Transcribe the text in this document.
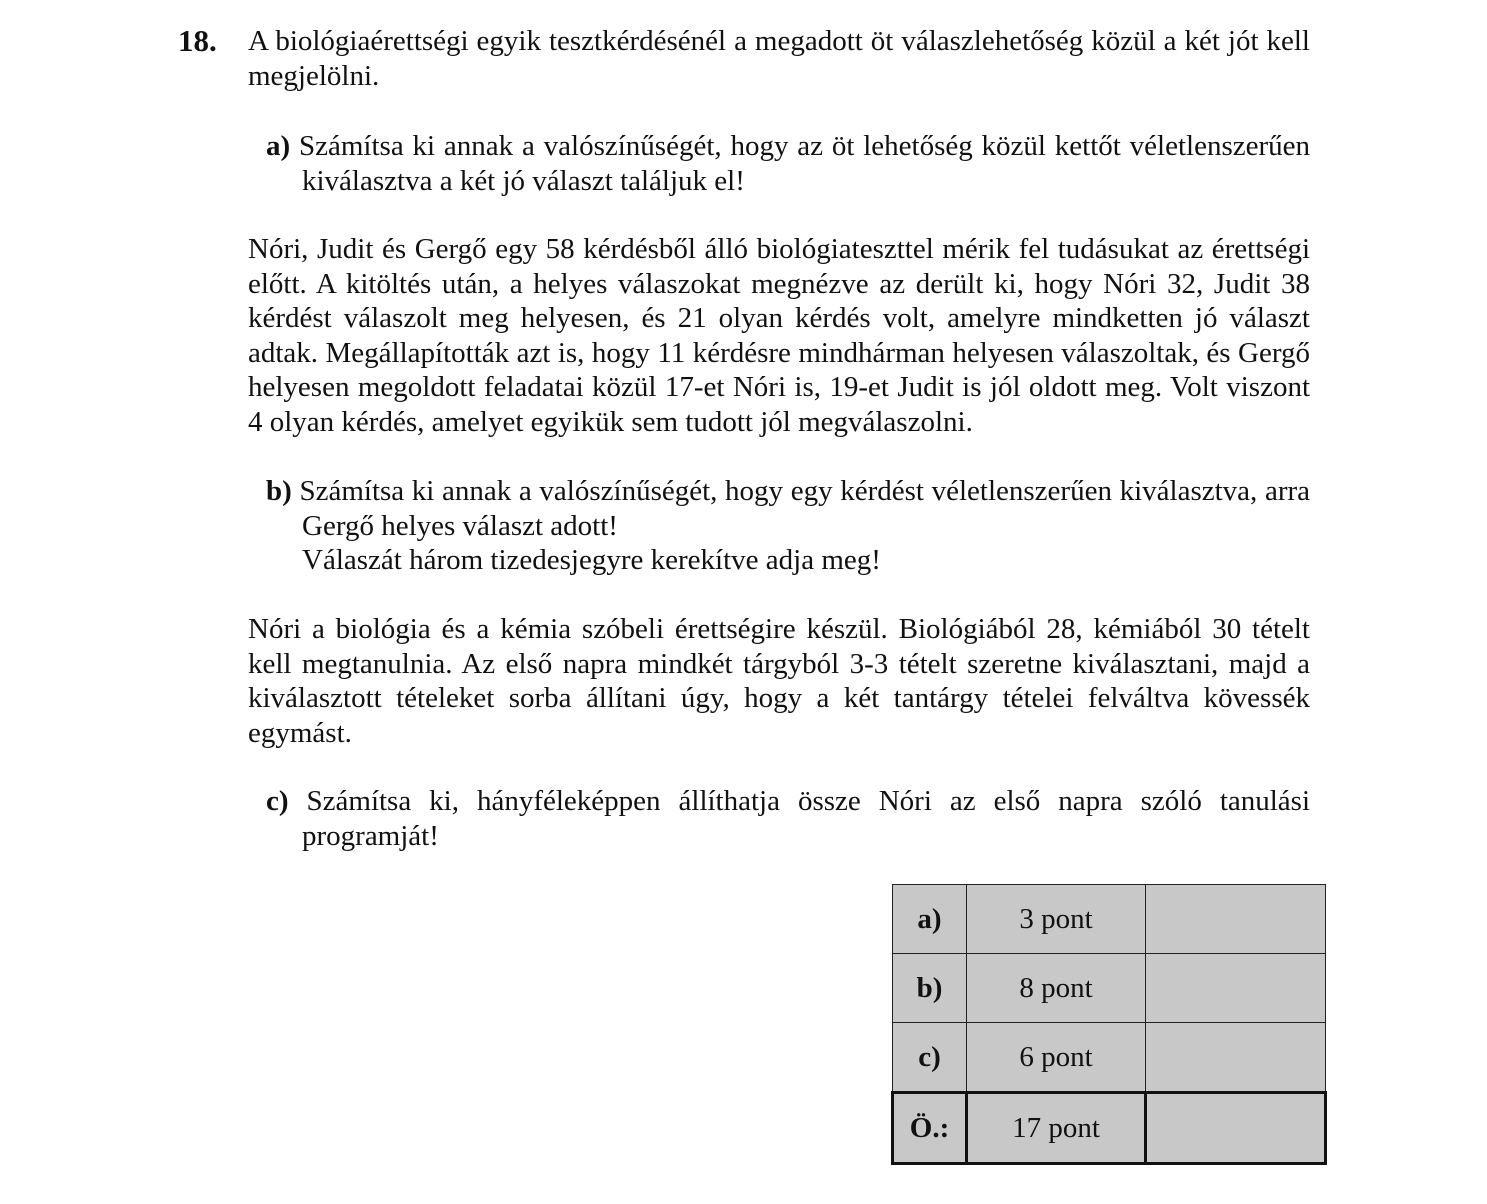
18. A biológiaérettségi egyik tesztkérdésénél a megadott öt válaszlehetőség közül a két jót kell megjelölni.
a) Számítsa ki annak a valószínűségét, hogy az öt lehetőség közül kettőt véletlenszerűen kiválasztva a két jó választ találjuk el!
Nóri, Judit és Gergő egy 58 kérdésből álló biológiateszttel mérik fel tudásukat az érettségi előtt. A kitöltés után, a helyes válaszokat megnézve az derült ki, hogy Nóri 32, Judit 38 kérdést válaszolt meg helyesen, és 21 olyan kérdés volt, amelyre mindketten jó választ adtak. Megállapították azt is, hogy 11 kérdésre mindhárman helyesen válaszoltak, és Gergő helyesen megoldott feladatai közül 17-et Nóri is, 19-et Judit is jól oldott meg. Volt viszont 4 olyan kérdés, amelyet egyikük sem tudott jól megválaszolni.
b) Számítsa ki annak a valószínűségét, hogy egy kérdést véletlenszerűen kiválasztva, arra Gergő helyes választ adott!
Válaszát három tizedesjegyre kerekítve adja meg!
Nóri a biológia és a kémia szóbeli érettségire készül. Biológiából 28, kémiából 30 tételt kell megtanulnia. Az első napra mindkét tárgyból 3-3 tételt szeretne kiválasztani, majd a kiválasztott tételeket sorba állítani úgy, hogy a két tantárgy tételei felváltva kövessék egymást.
c) Számítsa ki, hányféleképpen állíthatja össze Nóri az első napra szóló tanulási programját!
a)	3 pont	
b)	8 pont	
c)	6 pont	
Ö.:	17 pont	
